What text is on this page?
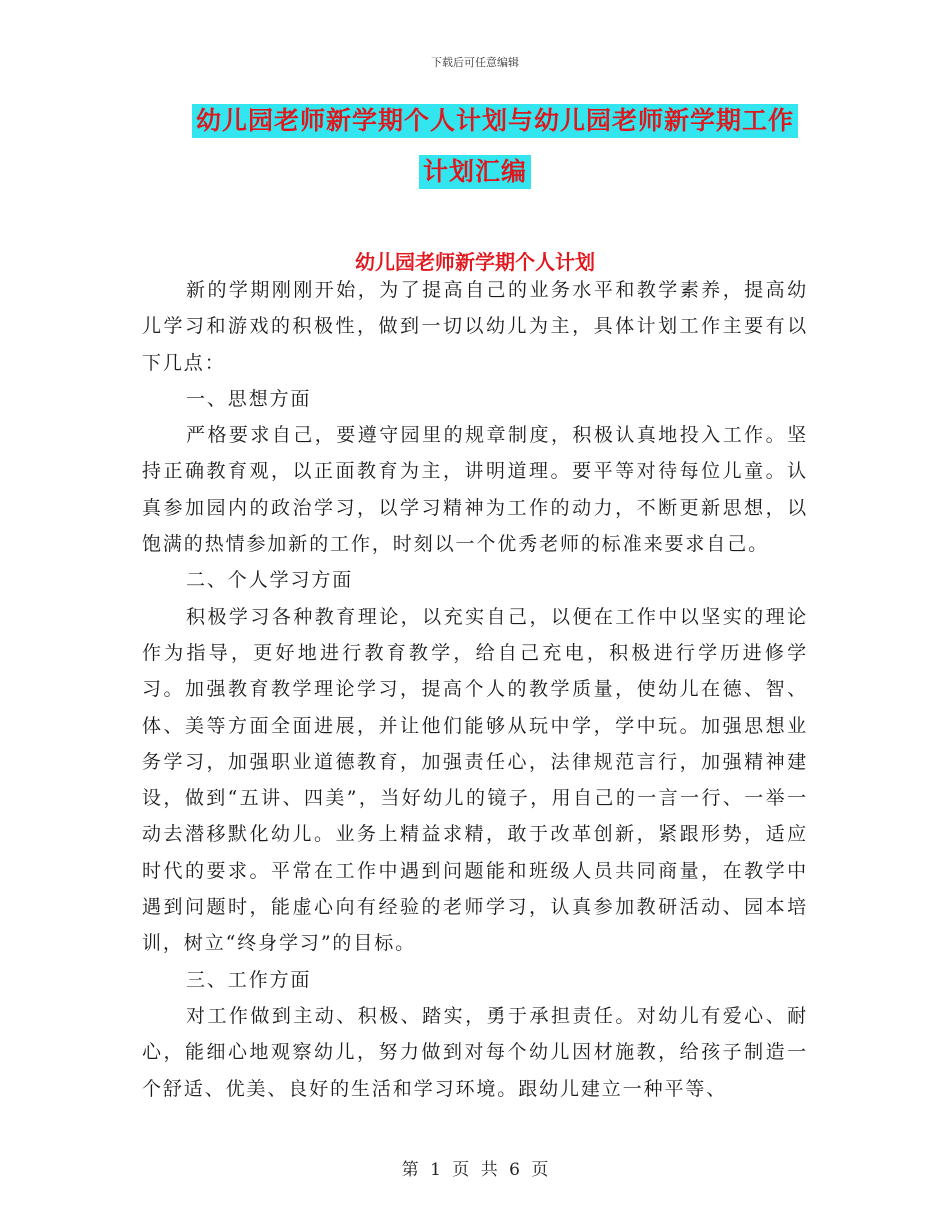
下载后可任意编辑
幼儿园老师新学期个人计划与幼儿园老师新学期工作
计划汇编
幼儿园老师新学期个人计划

新的学期刚刚开始，为了提高自己的业务水平和教学素养，提高幼儿学习和游戏的积极性，做到一切以幼儿为主，具体计划工作主要有以下几点：

一、思想方面

严格要求自己，要遵守园里的规章制度，积极认真地投入工作。坚持正确教育观，以正面教育为主，讲明道理。要平等对待每位儿童。认真参加园内的政治学习，以学习精神为工作的动力，不断更新思想，以饱满的热情参加新的工作，时刻以一个优秀老师的标准来要求自己。

二、个人学习方面

积极学习各种教育理论，以充实自己，以便在工作中以坚实的理论作为指导，更好地进行教育教学，给自己充电，积极进行学历进修学习。加强教育教学理论学习，提高个人的教学质量，使幼儿在德、智、体、美等方面全面进展，并让他们能够从玩中学，学中玩。加强思想业务学习，加强职业道德教育，加强责任心，法律规范言行，加强精神建设，做到“五讲、四美”，当好幼儿的镜子，用自己的一言一行、一举一动去潜移默化幼儿。业务上精益求精，敢于改革创新，紧跟形势，适应时代的要求。平常在工作中遇到问题能和班级人员共同商量，在教学中遇到问题时，能虚心向有经验的老师学习，认真参加教研活动、园本培训，树立“终身学习”的目标。

三、工作方面

对工作做到主动、积极、踏实，勇于承担责任。对幼儿有爱心、耐心，能细心地观察幼儿，努力做到对每个幼儿因材施教，给孩子制造一个舒适、优美、良好的生活和学习环境。跟幼儿建立一种平等、

第 1 页 共 6 页
